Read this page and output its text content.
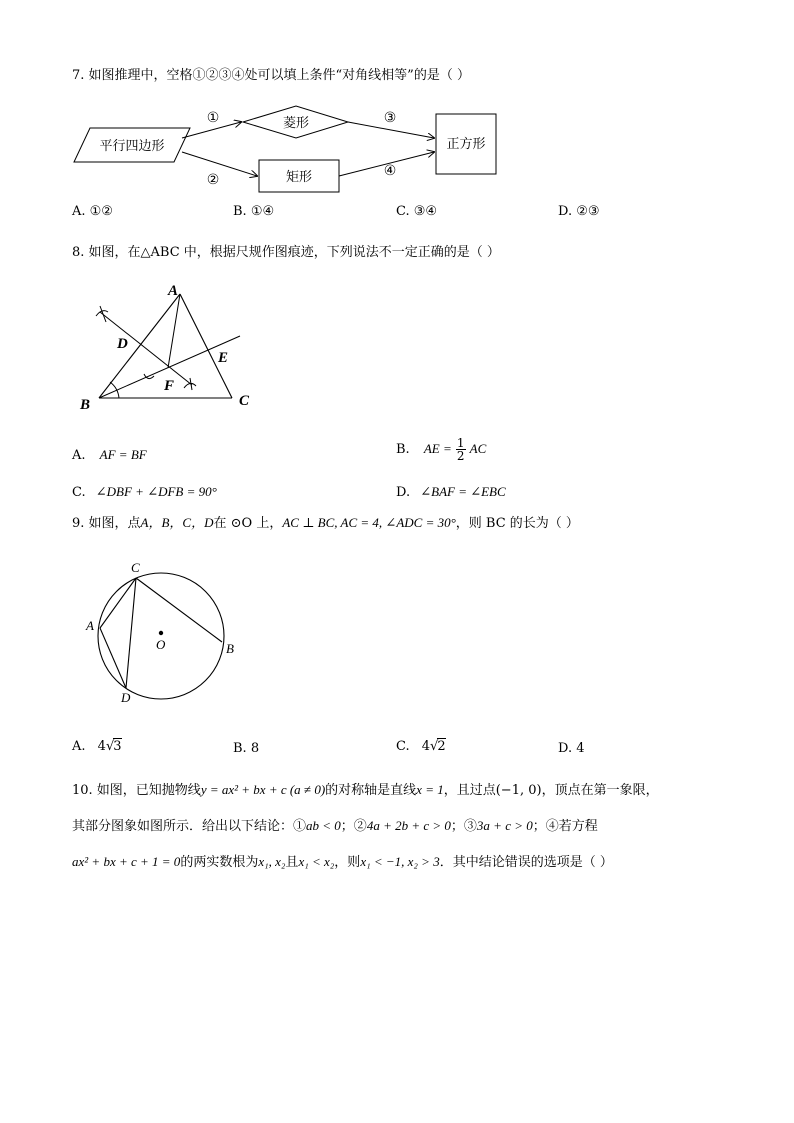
7. 如图推理中，空格①②③④处可以填上条件“对角线相等”的是（ ）
平行四边形
菱形
矩形
正方形
①
②
③
④
A. ①②	B. ①④	C. ③④	D. ②③
8. 如图，在△ABC 中，根据尺规作图痕迹，下列说法不一定正确的是（ ）
A
B	C
D
E
F
A. AF = BF	B. AE = $\frac{1}{2}$ AC
C. ∠DBF + ∠DFB = 90°	D. ∠BAF = ∠EBC
9. 如图，点A，B，C，D在 ⊙O 上，AC ⊥ BC, AC = 4, ∠ADC = 30°，则 BC 的长为（ ）
C
A
B
D
O
A. 4√3	B. 8	C. 4√2	D. 4
10. 如图，已知抛物线y = ax² + bx + c (a ≠ 0)的对称轴是直线x = 1，且过点(−1, 0)，顶点在第一象限，
其部分图象如图所示．给出以下结论：①ab < 0；②4a + 2b + c > 0；③3a + c > 0；④若方程
ax² + bx + c + 1 = 0的两实数根为x₁, x₂且x₁ < x₂，则x₁ < −1, x₂ > 3．其中结论错误的选项是（ ）
